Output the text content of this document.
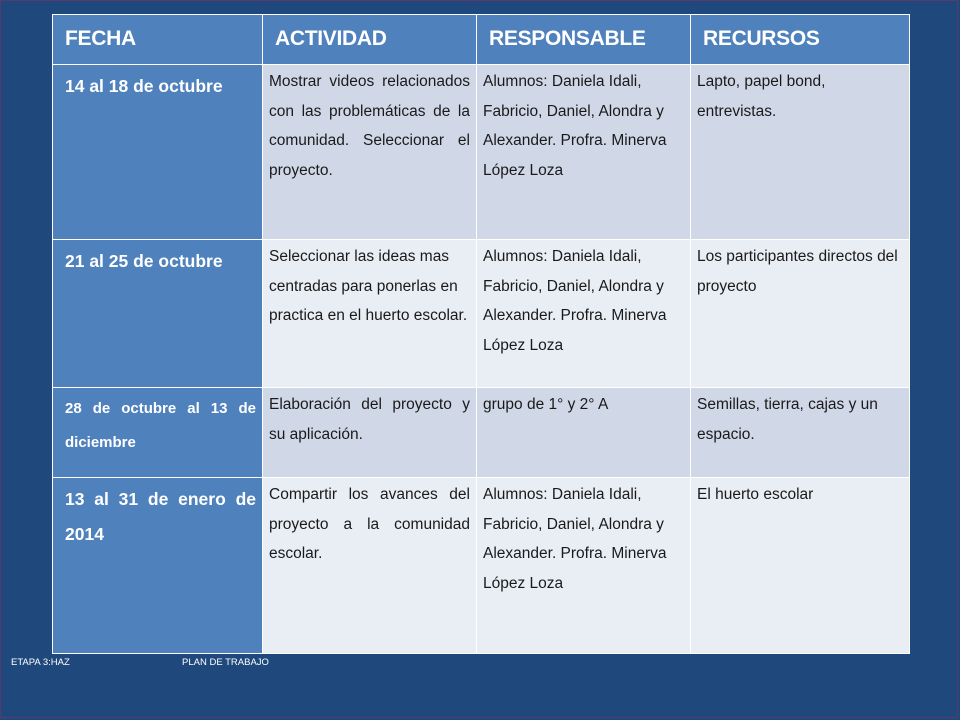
FECHA	ACTIVIDAD	RESPONSABLE	RECURSOS
14 al 18 de octubre	Mostrar videos relacionados con las problemáticas de la comunidad. Seleccionar el proyecto.	Alumnos: Daniela Idali, Fabricio, Daniel, Alondra y Alexander. Profra. Minerva López Loza	Lapto, papel bond, entrevistas.
21 al 25 de octubre	Seleccionar las ideas mas centradas para ponerlas en practica en el huerto escolar.	Alumnos: Daniela Idali, Fabricio, Daniel, Alondra y Alexander. Profra. Minerva López Loza	Los participantes directos del proyecto
28 de octubre al 13 de diciembre	Elaboración del proyecto y su aplicación.	grupo de 1° y 2° A	Semillas, tierra, cajas y un espacio.
13 al 31 de enero de 2014	Compartir los avances del proyecto a la comunidad escolar.	Alumnos: Daniela Idali, Fabricio, Daniel, Alondra y Alexander. Profra. Minerva López Loza	El huerto escolar
ETAPA 3:HAZ	PLAN DE TRABAJO
